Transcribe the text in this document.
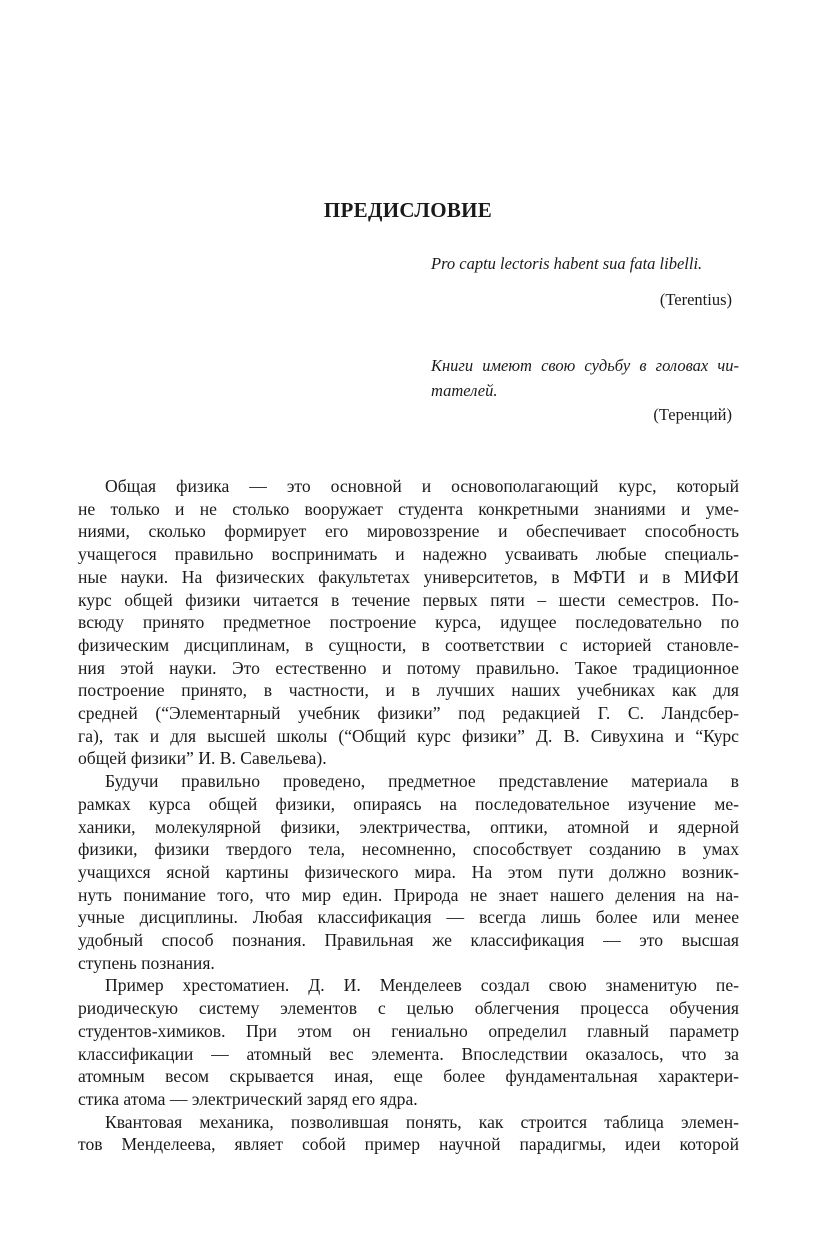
ПРЕДИСЛОВИЕ
Pro captu lectoris habent sua fata libelli.
(Terentius)
Книги имеют свою судьбу в головах чи-
тателей.
(Теренций)
Общая физика — это основной и основополагающий курс, который
не только и не столько вооружает студента конкретными знаниями и уме-
ниями, сколько формирует его мировоззрение и обеспечивает способность
учащегося правильно воспринимать и надежно усваивать любые специаль-
ные науки. На физических факультетах университетов, в МФТИ и в МИФИ
курс общей физики читается в течение первых пяти – шести семестров. По-
всюду принято предметное построение курса, идущее последовательно по
физическим дисциплинам, в сущности, в соответствии с историей становле-
ния этой науки. Это естественно и потому правильно. Такое традиционное
построение принято, в частности, и в лучших наших учебниках как для
средней (“Элементарный учебник физики” под редакцией Г. С. Ландсбер-
га), так и для высшей школы (“Общий курс физики” Д. В. Сивухина и “Курс
общей физики” И. В. Савельева).
Будучи правильно проведено, предметное представление материала в
рамках курса общей физики, опираясь на последовательное изучение ме-
ханики, молекулярной физики, электричества, оптики, атомной и ядерной
физики, физики твердого тела, несомненно, способствует созданию в умах
учащихся ясной картины физического мира. На этом пути должно возник-
нуть понимание того, что мир един. Природа не знает нашего деления на на-
учные дисциплины. Любая классификация — всегда лишь более или менее
удобный способ познания. Правильная же классификация — это высшая
ступень познания.
Пример хрестоматиен. Д. И. Менделеев создал свою знаменитую пе-
риодическую систему элементов с целью облегчения процесса обучения
студентов-химиков. При этом он гениально определил главный параметр
классификации — атомный вес элемента. Впоследствии оказалось, что за
атомным весом скрывается иная, еще более фундаментальная характери-
стика атома — электрический заряд его ядра.
Квантовая механика, позволившая понять, как строится таблица элемен-
тов Менделеева, являет собой пример научной парадигмы, идеи которой
